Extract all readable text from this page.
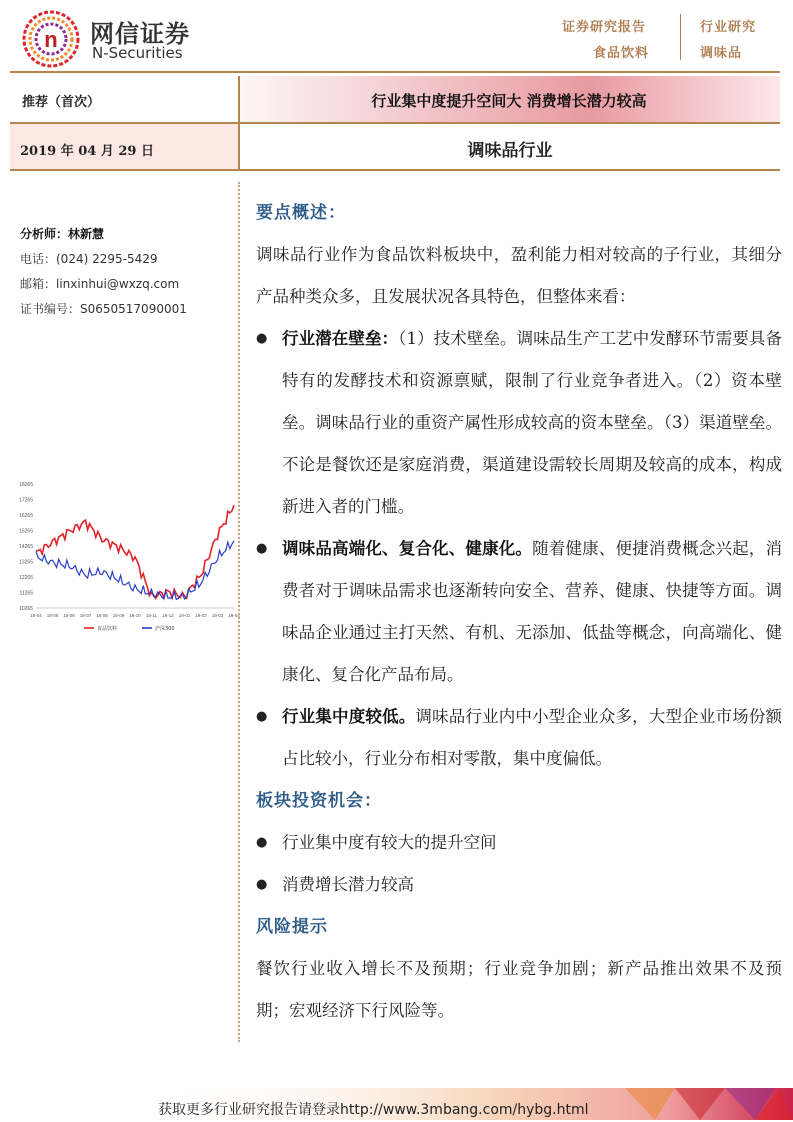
n 网信证券
N-Securities
证券研究报告	行业研究
食品饮料	调味品
推荐（首次）	行业集中度提升空间大 消费增长潜力较高
2019 年 04 月 29 日	调味品行业
分析师：林新慧
电话：(024) 2295-5429
邮箱：linxinhui@wxzq.com
证书编号：S0650517090001
18265
17265
16265
15265
14265
13265
12265
11265
10265
18-04 18-05 18-06 18-07 18-08 18-09 18-10 18-11 18-12 19-01 19-02 19-03 19-04
食品饮料	沪深300
要点概述：
调味品行业作为食品饮料板块中，盈利能力相对较高的子行业，其细分产品种类众多，且发展状况各具特色，但整体来看：
● 行业潜在壁垒：（1）技术壁垒。调味品生产工艺中发酵环节需要具备特有的发酵技术和资源禀赋，限制了行业竞争者进入。（2）资本壁垒。调味品行业的重资产属性形成较高的资本壁垒。（3）渠道壁垒。不论是餐饮还是家庭消费，渠道建设需较长周期及较高的成本，构成新进入者的门槛。
● 调味品高端化、复合化、健康化。随着健康、便捷消费概念兴起，消费者对于调味品需求也逐渐转向安全、营养、健康、快捷等方面。调味品企业通过主打天然、有机、无添加、低盐等概念，向高端化、健康化、复合化产品布局。
● 行业集中度较低。调味品行业内中小型企业众多，大型企业市场份额占比较小，行业分布相对零散，集中度偏低。
板块投资机会：
● 行业集中度有较大的提升空间
● 消费增长潜力较高
风险提示
餐饮行业收入增长不及预期；行业竞争加剧；新产品推出效果不及预期；宏观经济下行风险等。
获取更多行业研究报告请登录http://www.3mbang.com/hybg.html
